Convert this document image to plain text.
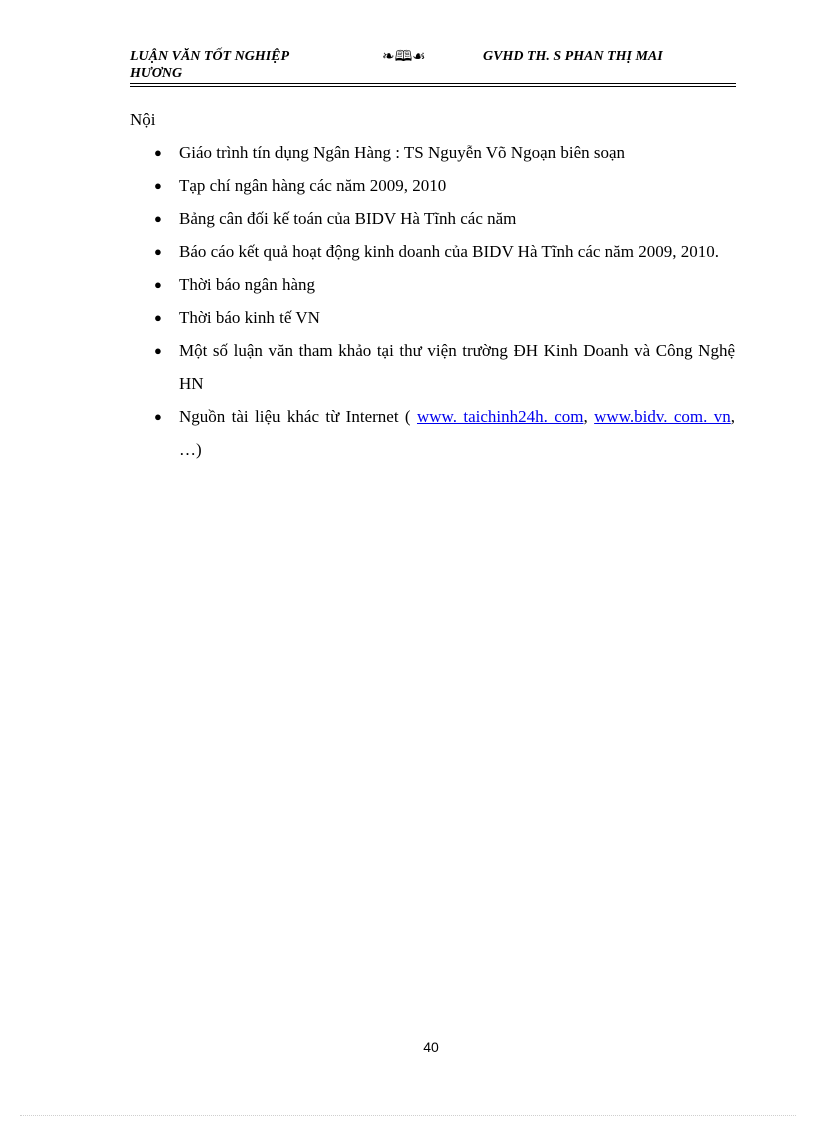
LUẬN VĂN TỐT NGHIỆP
HƯƠNG
❧🕮☙	GVHD TH. S PHAN THỊ MAI

Nội

● Giáo trình tín dụng Ngân Hàng : TS Nguyễn Võ Ngoạn biên soạn
● Tạp chí ngân hàng các năm 2009, 2010
● Bảng cân đối kế toán của BIDV Hà Tĩnh các năm
● Báo cáo kết quả hoạt động kinh doanh của BIDV Hà Tĩnh các năm 2009, 2010.
● Thời báo ngân hàng
● Thời báo kinh tế VN
● Một số luận văn tham khảo tại thư viện trường ĐH Kinh Doanh và Công Nghệ HN
● Nguồn tài liệu khác từ Internet ( www. taichinh24h. com, www.bidv. com. vn, …)
40
